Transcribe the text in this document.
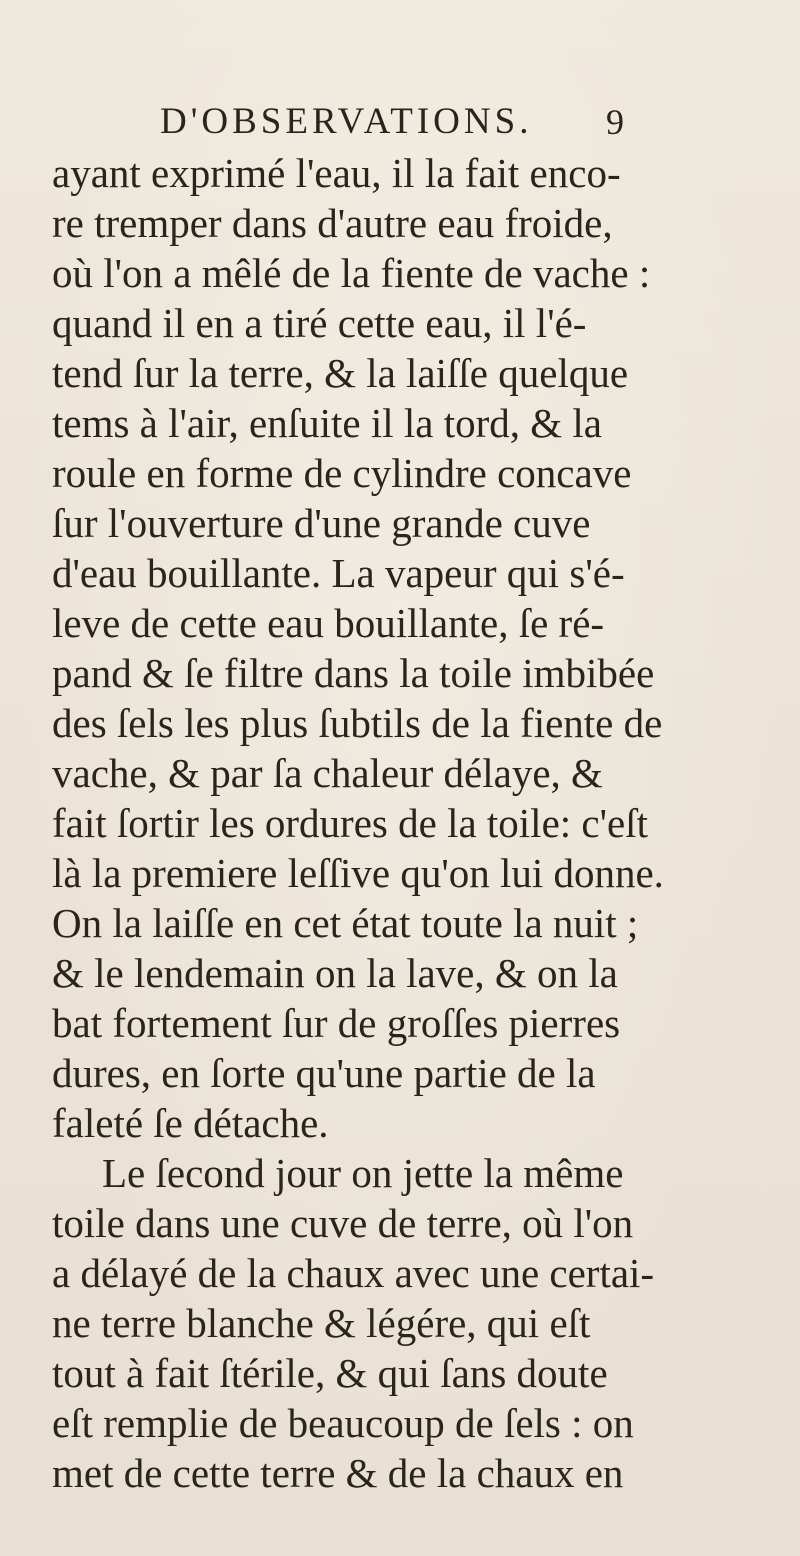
D'OBSERVATIONS. 9
ayant exprimé l'eau, il la fait enco-
re tremper dans d'autre eau froide,
où l'on a mêlé de la fiente de vache :
quand il en a tiré cette eau, il l'é-
tend ſur la terre, & la laiſſe quelque
tems à l'air, enſuite il la tord, & la
roule en forme de cylindre concave
ſur l'ouverture d'une grande cuve
d'eau bouillante. La vapeur qui s'é-
leve de cette eau bouillante, ſe ré-
pand & ſe filtre dans la toile imbibée
des ſels les plus ſubtils de la fiente de
vache, & par ſa chaleur délaye, &
fait ſortir les ordures de la toile: c'eſt
là la premiere leſſive qu'on lui donne.
On la laiſſe en cet état toute la nuit ;
& le lendemain on la lave, & on la
bat fortement ſur de groſſes pierres
dures, en ſorte qu'une partie de la
faleté ſe détache.
Le ſecond jour on jette la même
toile dans une cuve de terre, où l'on
a délayé de la chaux avec une certai-
ne terre blanche & légére, qui eſt
tout à fait ſtérile, & qui ſans doute
eſt remplie de beaucoup de ſels : on
met de cette terre & de la chaux en
